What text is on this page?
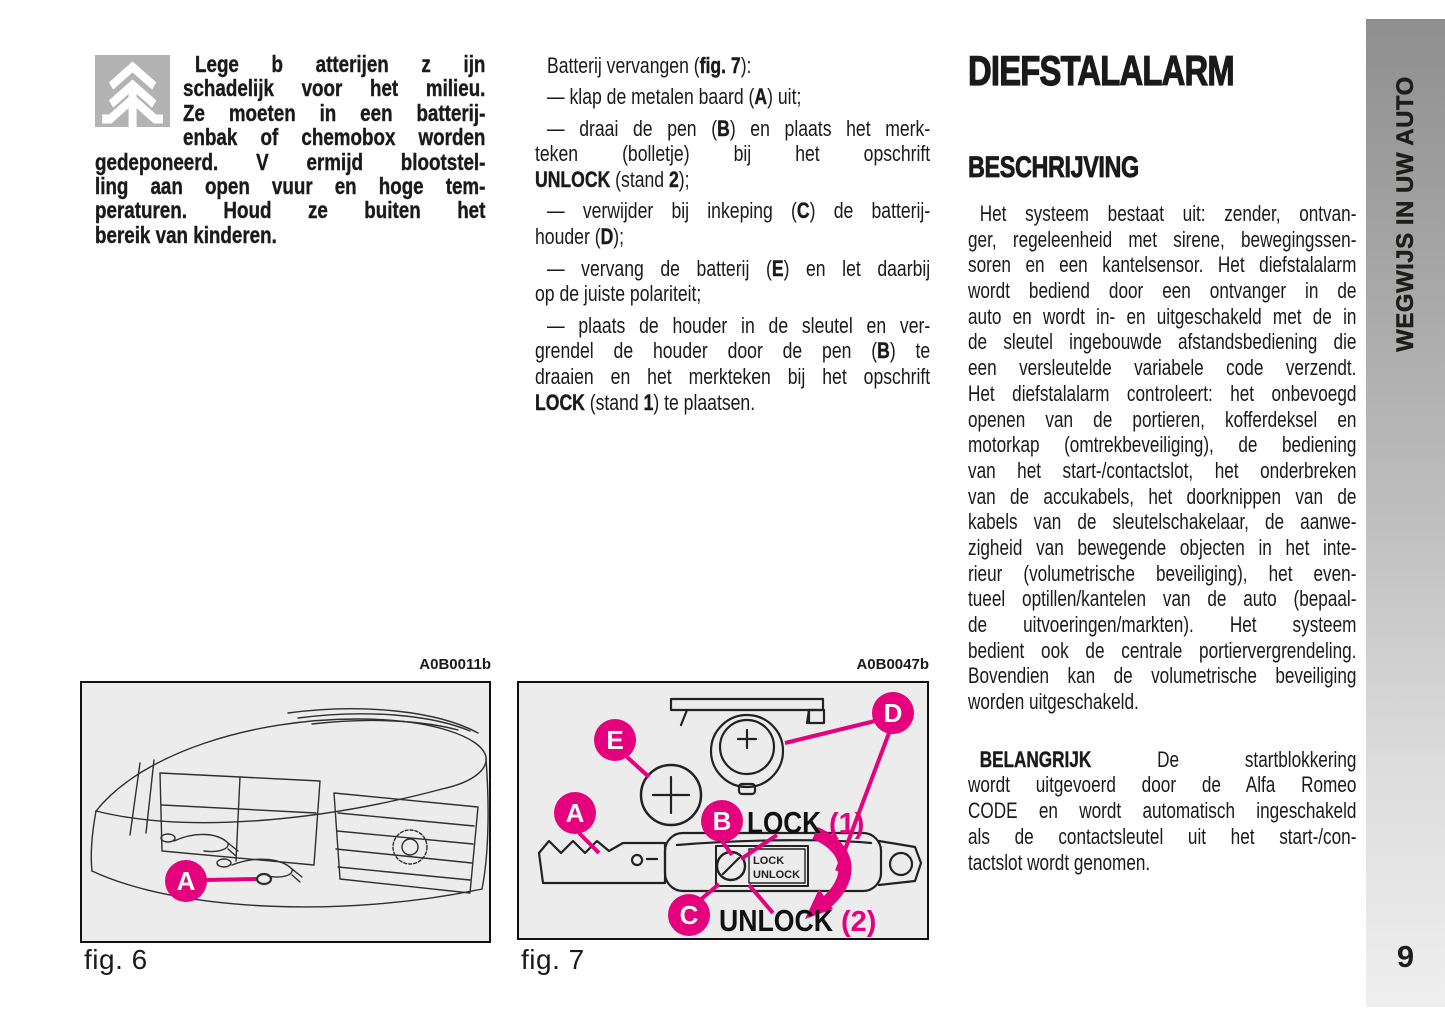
Lege b atterijen z ijn
schadelijk voor het milieu.
Ze moeten in een batterij-
enbak of chemobox worden
gedeponeerd. V ermijd blootstel-
ling aan open vuur en hoge tem-
peraturen. Houd ze buiten het
bereik van kinderen.
Batterij vervangen (fig. 7):
— klap de metalen baard (A) uit;
— draai de pen (B) en plaats het merk-
teken (bolletje) bij het opschrift
UNLOCK (stand 2);
— verwijder bij inkeping (C) de batterij-
houder (D);
— vervang de batterij (E) en let daarbij
op de juiste polariteit;
— plaats de houder in de sleutel en ver-
grendel de houder door de pen (B) te
draaien en het merkteken bij het opschrift
LOCK (stand 1) te plaatsen.
DIEFSTALALARM
BESCHRIJVING
Het systeem bestaat uit: zender, ontvan-
ger, regeleenheid met sirene, bewegingssen-
soren en een kantelsensor. Het diefstalalarm
wordt bediend door een ontvanger in de
auto en wordt in- en uitgeschakeld met de in
de sleutel ingebouwde afstandsbediening die
een versleutelde variabele code verzendt.
Het diefstalalarm controleert: het onbevoegd
openen van de portieren, kofferdeksel en
motorkap (omtrekbeveiliging), de bediening
van het start-/contactslot, het onderbreken
van de accukabels, het doorknippen van de
kabels van de sleutelschakelaar, de aanwe-
zigheid van bewegende objecten in het inte-
rieur (volumetrische beveiliging), het even-
tueel optillen/kantelen van de auto (bepaal-
de uitvoeringen/markten). Het systeem
bedient ook de centrale portiervergrendeling.
Bovendien kan de volumetrische beveiliging
worden uitgeschakeld.
BELANGRIJK De startblokkering
wordt uitgevoerd door de Alfa Romeo
CODE en wordt automatisch ingeschakeld
als de contactsleutel uit het start-/con-
tactslot wordt genomen.
A0B0011b
A
fig. 6
A0B0047b
LOCK
UNLOCK
A	B
C
D
E
LOCK (1)
UNLOCK (2)
fig. 7
WEGWIJS IN UW AUTO
9
